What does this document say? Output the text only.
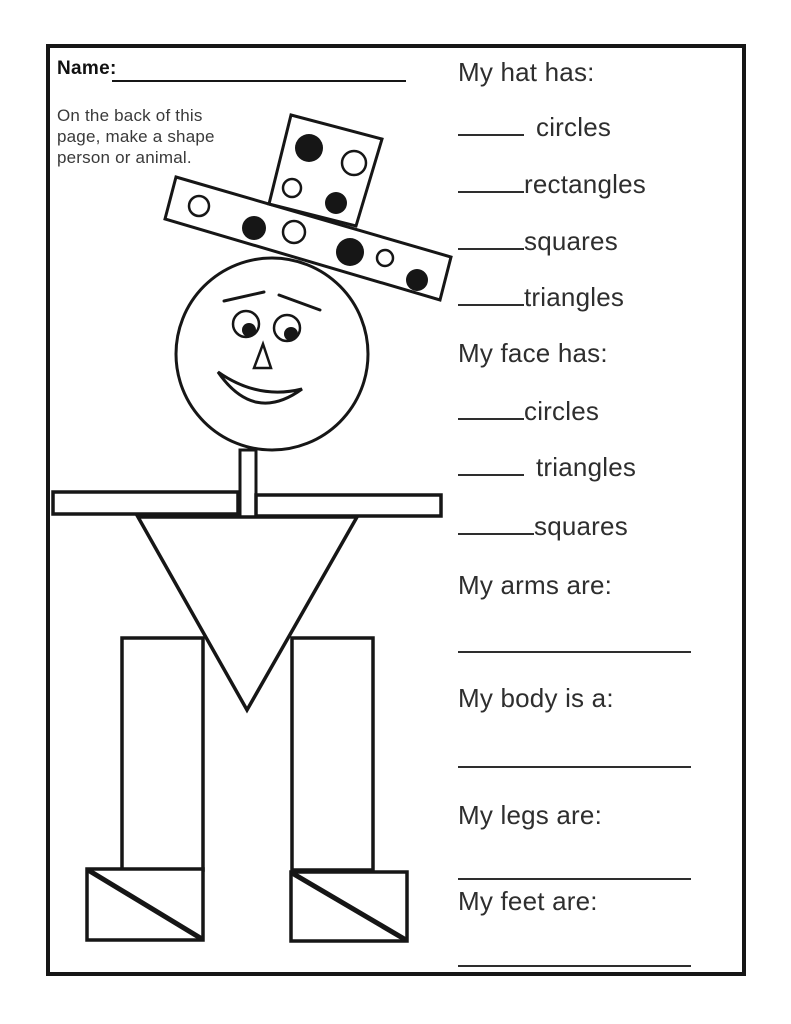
Name:
On the back of this page, make a shape person or animal.
My hat has:
circles
rectangles
squares
triangles
My face has:
circles
triangles
squares
My arms are:
My body is a:
My legs are:
My feet are:
